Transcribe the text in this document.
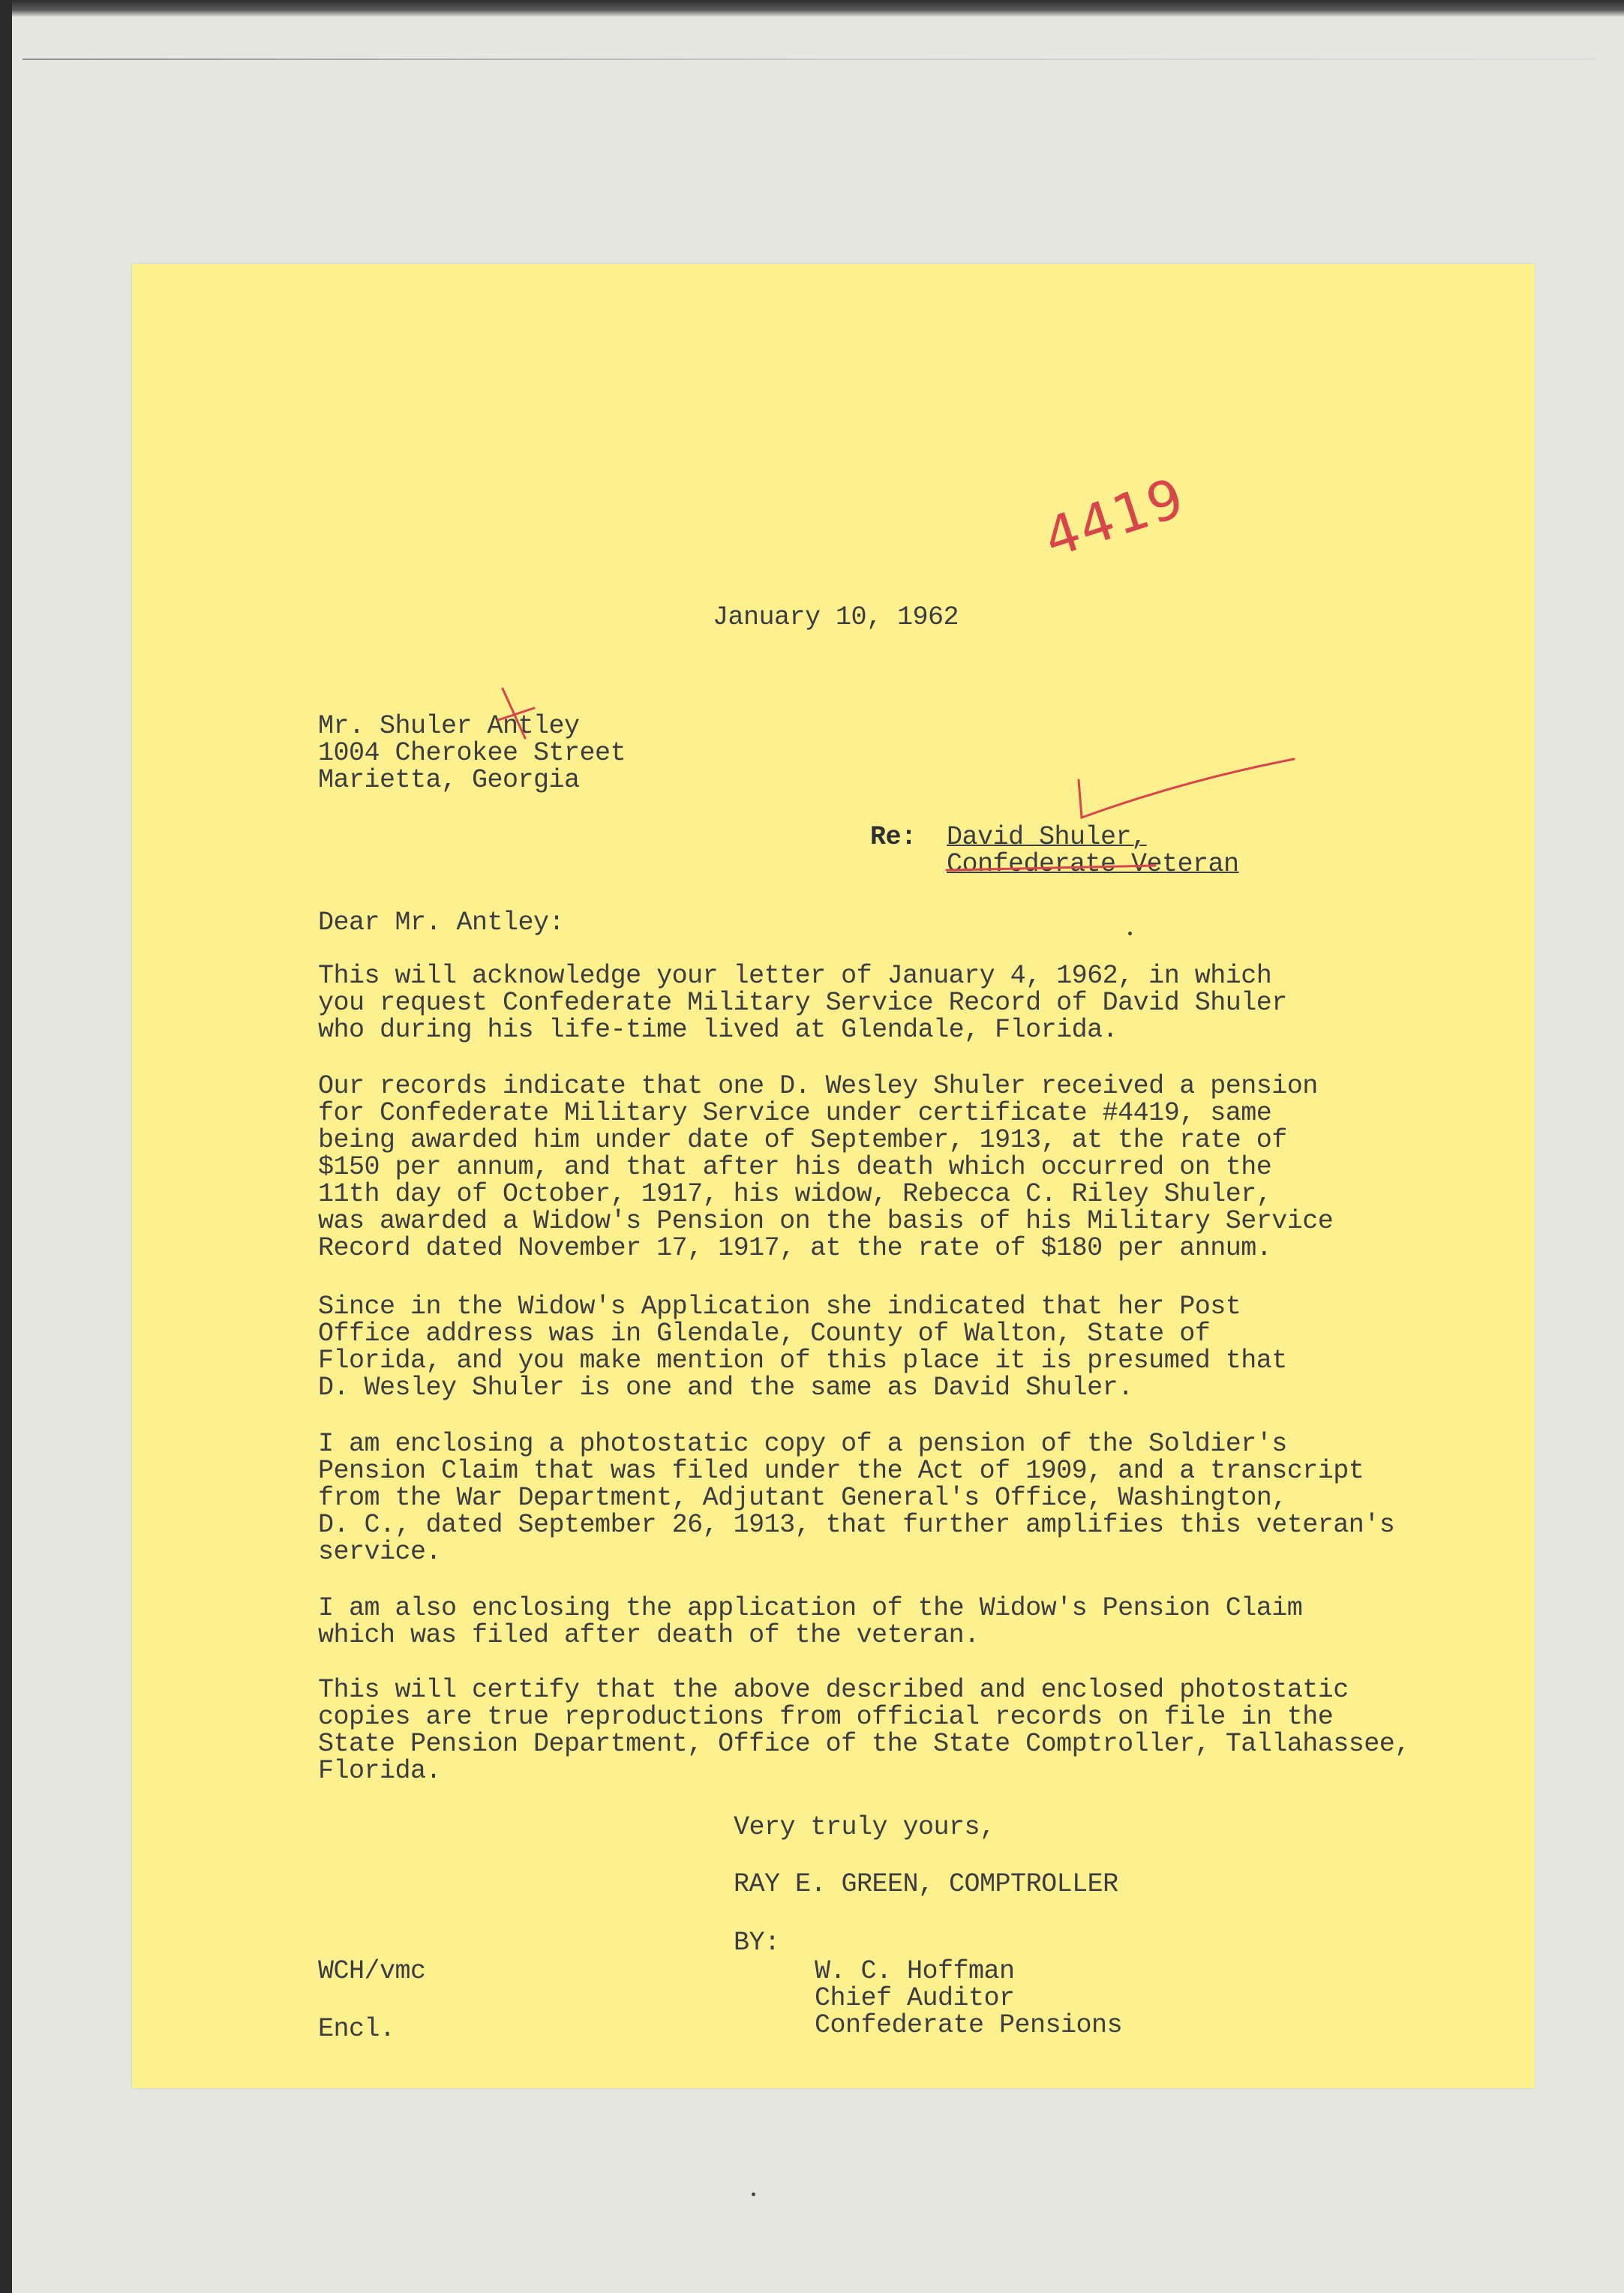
January 10, 1962
Mr. Shuler Antley
1004 Cherokee Street
Marietta, Georgia
Re: David Shuler,
Confederate Veteran
Dear Mr. Antley:
This will acknowledge your letter of January 4, 1962, in which
you request Confederate Military Service Record of David Shuler
who during his life-time lived at Glendale, Florida.
Our records indicate that one D. Wesley Shuler received a pension
for Confederate Military Service under certificate #4419, same
being awarded him under date of September, 1913, at the rate of
$150 per annum, and that after his death which occurred on the
11th day of October, 1917, his widow, Rebecca C. Riley Shuler,
was awarded a Widow's Pension on the basis of his Military Service
Record dated November 17, 1917, at the rate of $180 per annum.
Since in the Widow's Application she indicated that her Post
Office address was in Glendale, County of Walton, State of
Florida, and you make mention of this place it is presumed that
D. Wesley Shuler is one and the same as David Shuler.
I am enclosing a photostatic copy of a pension of the Soldier's
Pension Claim that was filed under the Act of 1909, and a transcript
from the War Department, Adjutant General's Office, Washington,
D. C., dated September 26, 1913, that further amplifies this veteran's
service.
I am also enclosing the application of the Widow's Pension Claim
which was filed after death of the veteran.
This will certify that the above described and enclosed photostatic
copies are true reproductions from official records on file in the
State Pension Department, Office of the State Comptroller, Tallahassee,
Florida.
Very truly yours,
RAY E. GREEN, COMPTROLLER
BY:
W. C. Hoffman
Chief Auditor
Confederate Pensions
WCH/vmc
Encl.
4419
